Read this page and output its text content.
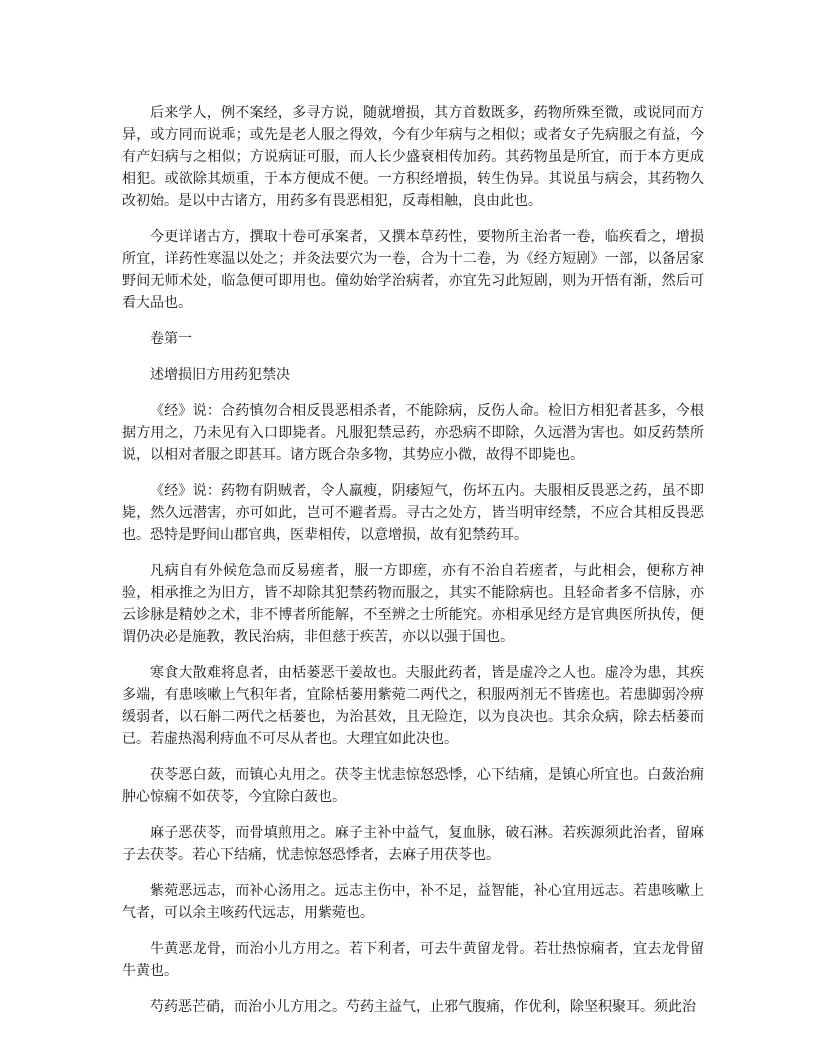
后来学人，例不案经，多寻方说，随就增损，其方首数既多，药物所殊至微，或说同而方异，或方同而说乖；或先是老人服之得效，今有少年病与之相似；或者女子先病服之有益，今有产妇病与之相似；方说病证可服，而人长少盛衰相传加药。其药物虽是所宜，而于本方更成相犯。或欲除其烦重，于本方便成不便。一方积经增损，转生伪异。其说虽与病会，其药物久改初始。是以中古诸方，用药多有畏恶相犯，反毒相触，良由此也。

今更详诸古方，撰取十卷可承案者，又撰本草药性，要物所主治者一卷，临疾看之，增损所宜，详药性寒温以处之；并灸法要穴为一卷，合为十二卷，为《经方短剧》一部，以备居家野间无师术处，临急便可即用也。僮幼始学治病者，亦宜先习此短剧，则为开悟有渐，然后可看大品也。

卷第一

述增损旧方用药犯禁决

《经》说：合药慎勿合相反畏恶相杀者，不能除病，反伤人命。检旧方相犯者甚多，今根据方用之，乃未见有入口即毙者。凡服犯禁忌药，亦恐病不即除，久远潜为害也。如反药禁所说，以相对者服之即甚耳。诸方既合杂多物，其势应小微，故得不即毙也。

《经》说：药物有阴贼者，令人羸瘦，阴痿短气，伤坏五内。夫服相反畏恶之药，虽不即毙，然久远潜害，亦可如此，岂可不避者焉。寻古之处方，皆当明审经禁，不应合其相反畏恶也。恐特是野间山郡官典，医辈相传，以意增损，故有犯禁药耳。

凡病自有外候危急而反易瘥者，服一方即瘥，亦有不治自若瘥者，与此相会，便称方神验，相承推之为旧方，皆不却除其犯禁药物而服之，其实不能除病也。且轻命者多不信脉，亦云诊脉是精妙之术，非不博者所能解，不至辨之士所能究。亦相承见经方是官典医所执传，便谓仍决必是施教，教民治病，非但慈于疾苦，亦以以强于国也。

寒食大散难将息者，由栝蒌恶干姜故也。夫服此药者，皆是虚冷之人也。虚冷为患，其疾多端，有患咳嗽上气积年者，宜除栝蒌用紫菀二两代之，积服两剂无不皆瘥也。若患脚弱冷痹缓弱者，以石斛二两代之栝蒌也，为治甚效，且无险迮，以为良决也。其余众病，除去栝蒌而已。若虚热渴利痔血不可尽从者也。大理宜如此决也。

茯苓恶白蔹，而镇心丸用之。茯苓主忧恚惊怒恐悸，心下结痛，是镇心所宜也。白蔹治痈肿心惊痫不如茯苓，今宜除白蔹也。

麻子恶茯苓，而骨填煎用之。麻子主补中益气，复血脉，破石淋。若疾源须此治者，留麻子去茯苓。若心下结痛，忧恚惊怒恐悸者，去麻子用茯苓也。

紫菀恶远志，而补心汤用之。远志主伤中，补不足，益智能，补心宜用远志。若患咳嗽上气者，可以余主咳药代远志，用紫菀也。

牛黄恶龙骨，而治小儿方用之。若下利者，可去牛黄留龙骨。若壮热惊痫者，宜去龙骨留牛黄也。

芍药恶芒硝，而治小儿方用之。芍药主益气，止邪气腹痛，作优利，除坚积聚耳。须此治
